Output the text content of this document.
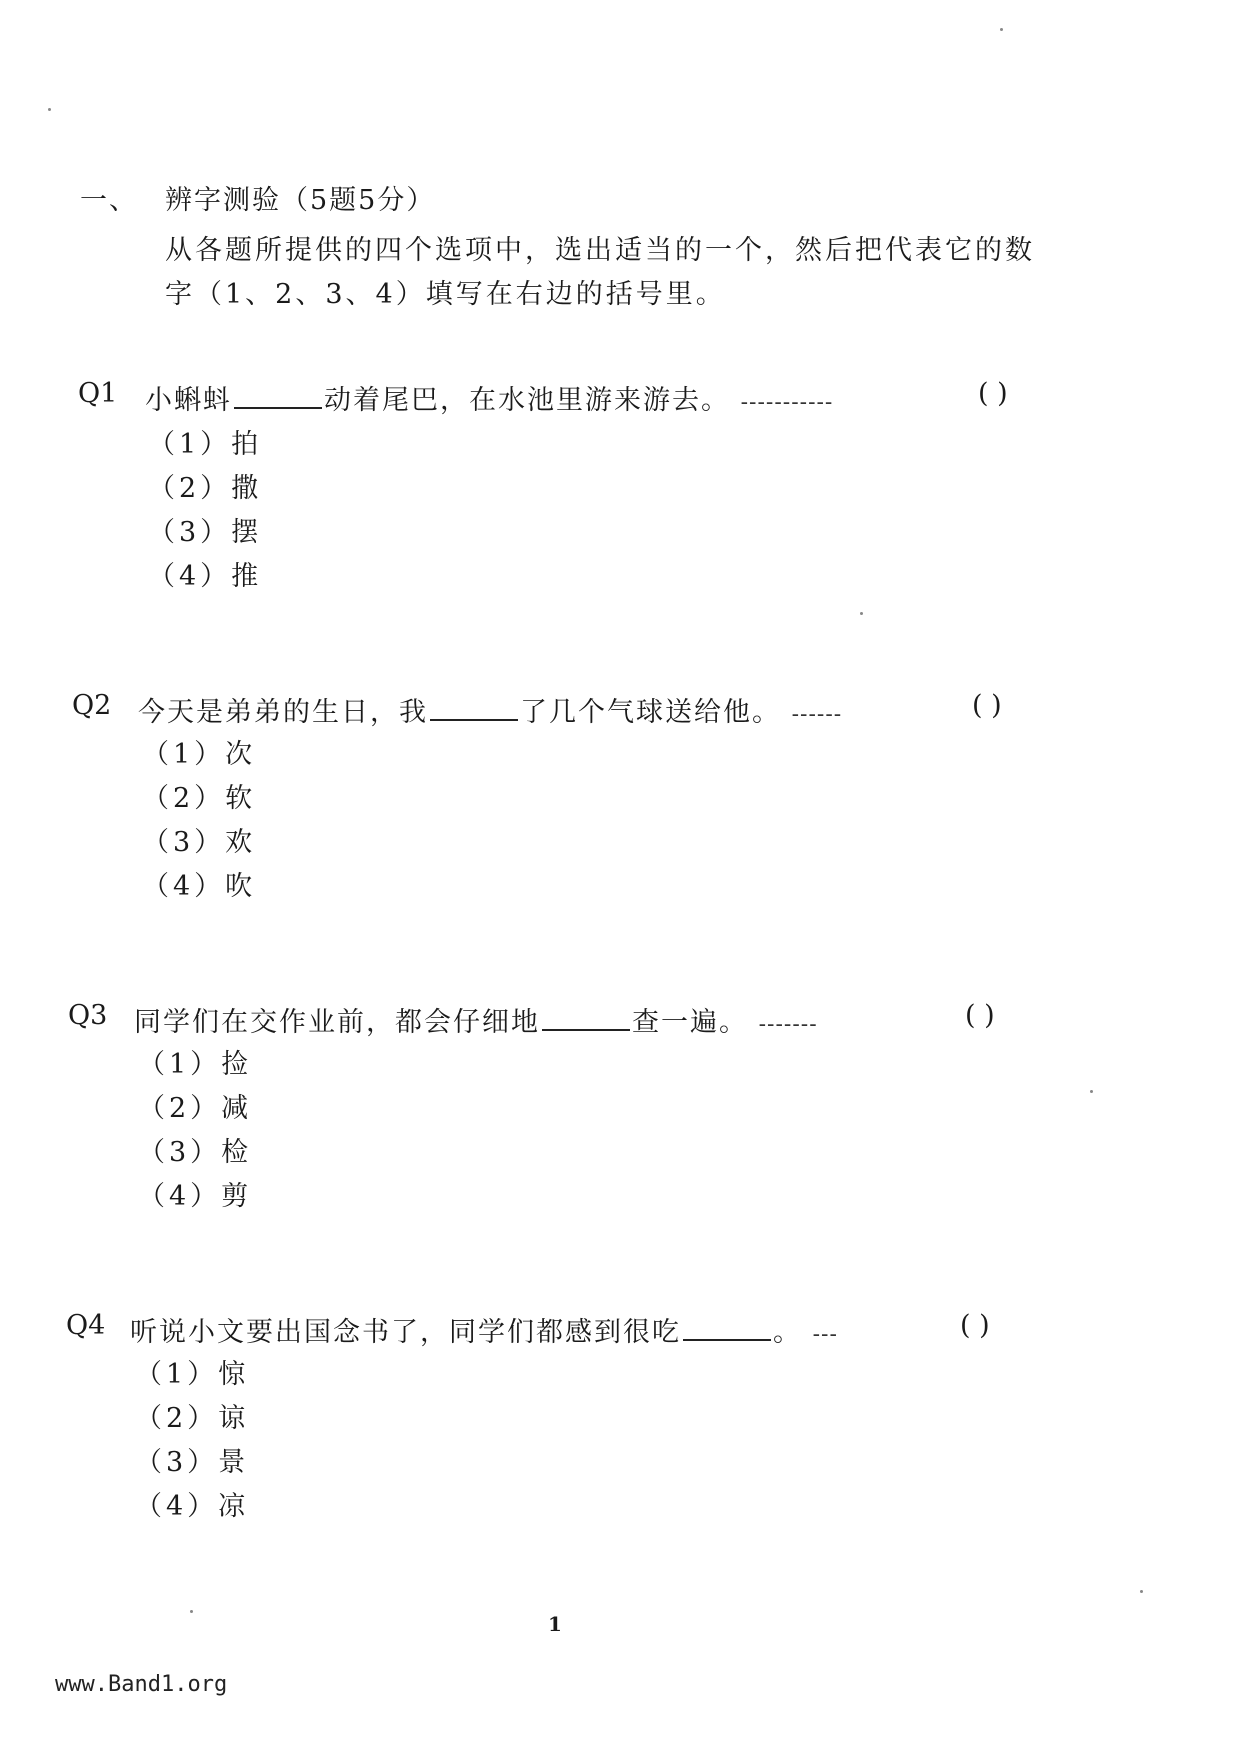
一、 辨字测验（5题5分）
从各题所提供的四个选项中，选出适当的一个，然后把代表它的数
字（1、2、3、4）填写在右边的括号里。
Q1 小蝌蚪	动着尾巴，在水池里游来游去。 -----------	( )
（1）拍
（2）撒
（3）摆
（4）推
Q2 今天是弟弟的生日，我	了几个气球送给他。 ------	( )
（1）次
（2）软
（3）欢
（4）吹
Q3 同学们在交作业前，都会仔细地	查一遍。 -------	( )
（1）捡
（2）减
（3）检
（4）剪
Q4 听说小文要出国念书了，同学们都感到很吃	。 ---	( )
（1）惊
（2）谅
（3）景
（4）凉
1
www.Band1.org
